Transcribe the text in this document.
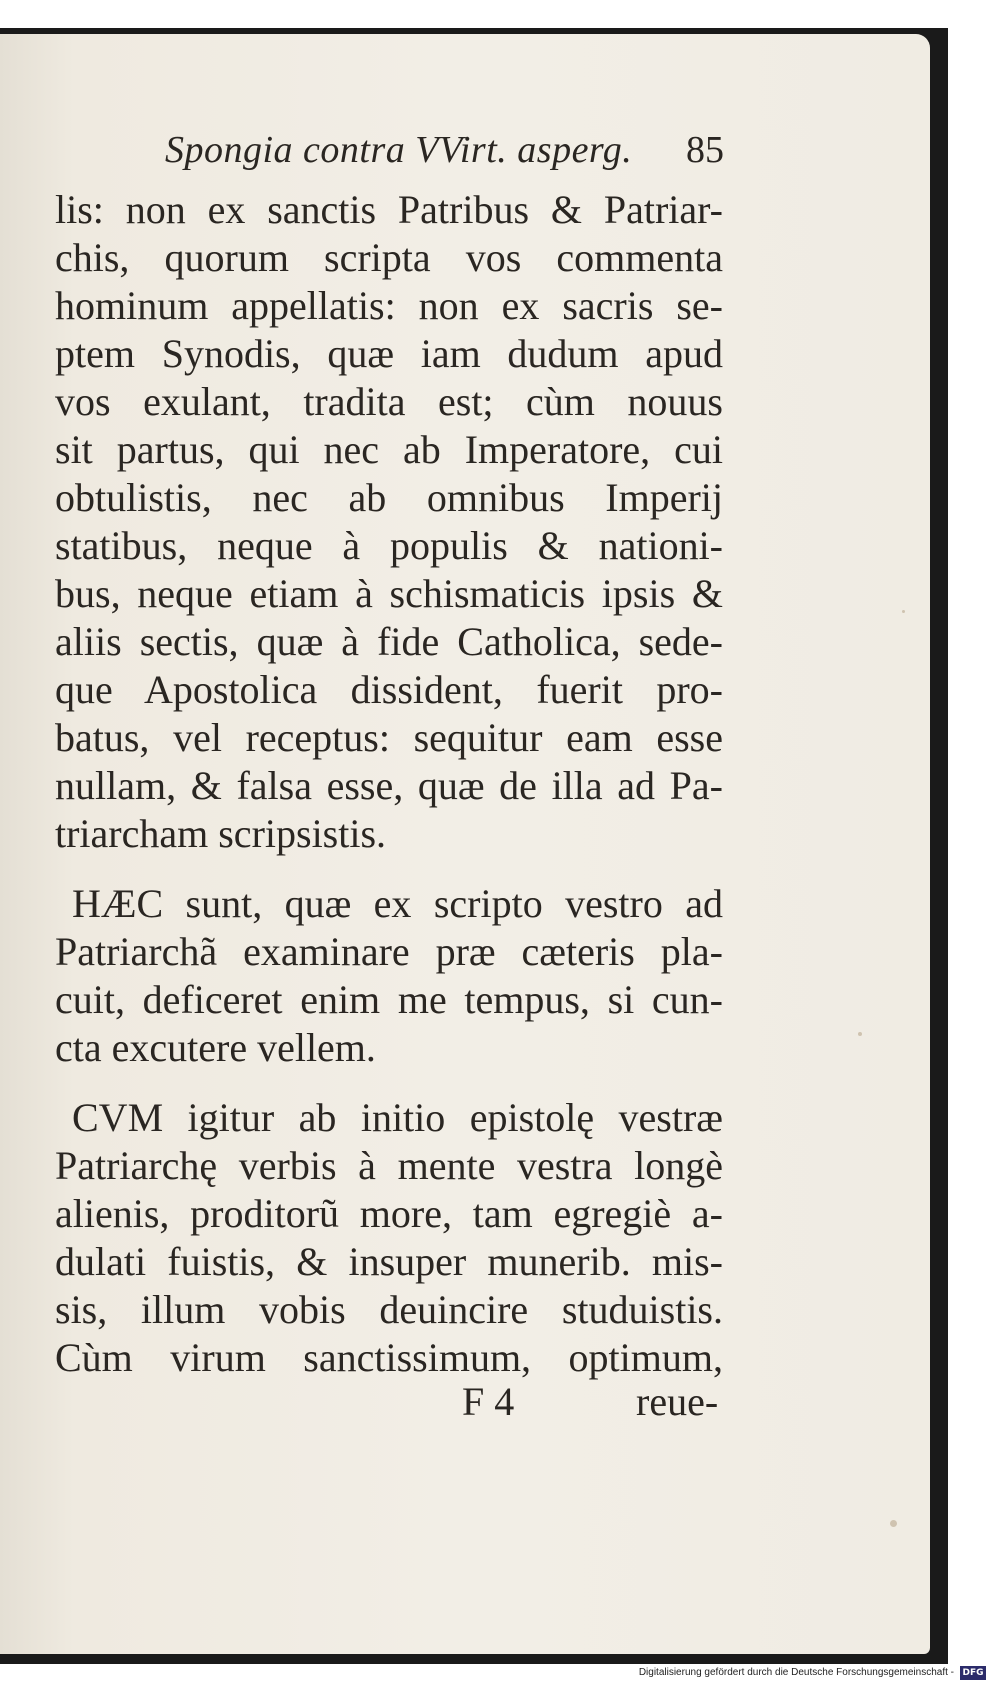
Spongia contra VVirt. asperg. 85
lis: non ex sanctis Patribus & Patriar-
chis, quorum scripta vos commenta
hominum appellatis: non ex sacris se-
ptem Synodis, quæ iam dudum apud
vos exulant, tradita est; cùm nouus
sit partus, qui nec ab Imperatore, cui
obtulistis, nec ab omnibus Imperij
statibus, neque à populis & nationi-
bus, neque etiam à schismaticis ipsis &
aliis sectis, quæ à fide Catholica, sede-
que Apostolica dissident, fuerit pro-
batus, vel receptus: sequitur eam esse
nullam, & falsa esse, quæ de illa ad Pa-
triarcham scripsistis.
HÆC sunt, quæ ex scripto vestro ad
Patriarchã examinare præ cæteris pla-
cuit, deficeret enim me tempus, si cun-
cta excutere vellem.
CVM igitur ab initio epistolę vestræ
Patriarchę verbis à mente vestra longè
alienis, proditorũ more, tam egregiè a-
dulati fuistis, & insuper munerib. mis-
sis, illum vobis deuincire studuistis.
Cùm virum sanctissimum, optimum,
F 4	reue-
Digitalisierung gefördert durch die Deutsche Forschungsgemeinschaft - DFG
